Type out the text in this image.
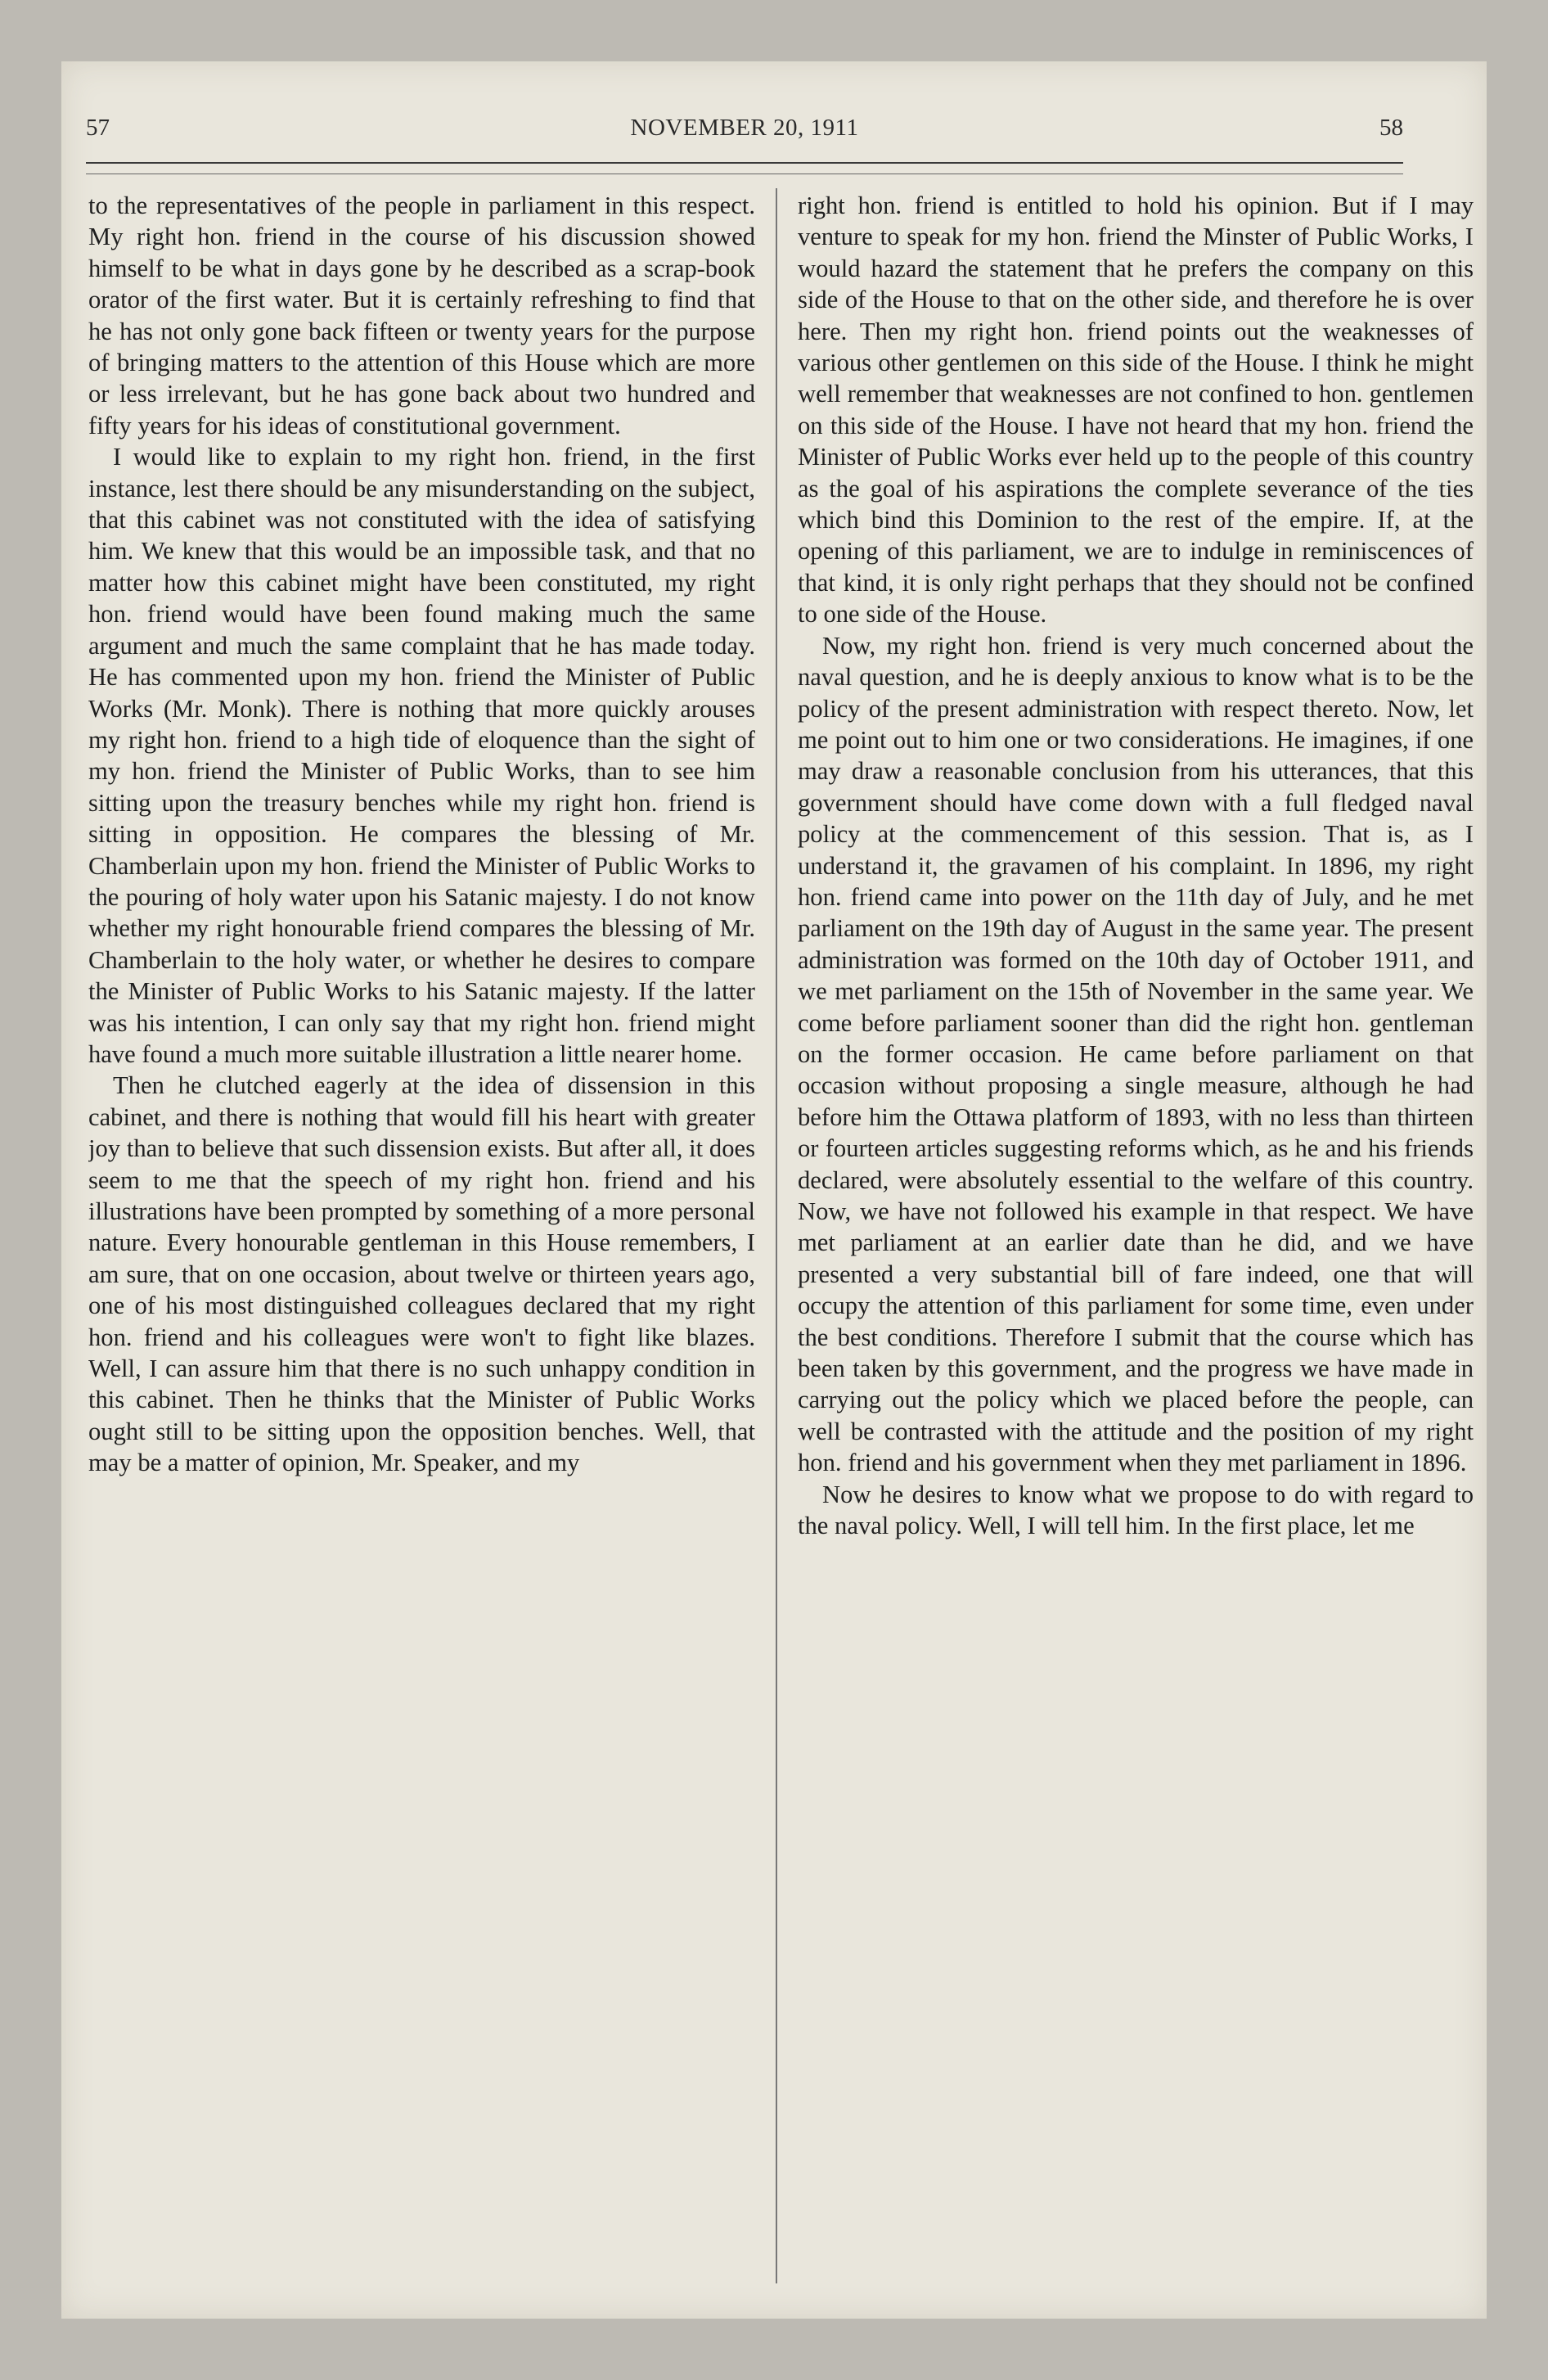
57	NOVEMBER 20, 1911	58

to the representatives of the people in parliament in this respect. My right hon. friend in the course of his discussion showed himself to be what in days gone by he described as a scrap-book orator of the first water. But it is certainly refreshing to find that he has not only gone back fifteen or twenty years for the purpose of bringing matters to the attention of this House which are more or less irrelevant, but he has gone back about two hundred and fifty years for his ideas of constitutional government.

I would like to explain to my right hon. friend, in the first instance, lest there should be any misunderstanding on the subject, that this cabinet was not constituted with the idea of satisfying him. We knew that this would be an impossible task, and that no matter how this cabinet might have been constituted, my right hon. friend would have been found making much the same argument and much the same complaint that he has made today. He has commented upon my hon. friend the Minister of Public Works (Mr. Monk). There is nothing that more quickly arouses my right hon. friend to a high tide of eloquence than the sight of my hon. friend the Minister of Public Works, than to see him sitting upon the treasury benches while my right hon. friend is sitting in opposition. He compares the blessing of Mr. Chamberlain upon my hon. friend the Minister of Public Works to the pouring of holy water upon his Satanic majesty. I do not know whether my right honourable friend compares the blessing of Mr. Chamberlain to the holy water, or whether he desires to compare the Minister of Public Works to his Satanic majesty. If the latter was his intention, I can only say that my right hon. friend might have found a much more suitable illustration a little nearer home.

Then he clutched eagerly at the idea of dissension in this cabinet, and there is nothing that would fill his heart with greater joy than to believe that such dissension exists. But after all, it does seem to me that the speech of my right hon. friend and his illustrations have been prompted by something of a more personal nature. Every honourable gentleman in this House remembers, I am sure, that on one occasion, about twelve or thirteen years ago, one of his most distinguished colleagues declared that my right hon. friend and his colleagues were won't to fight like blazes. Well, I can assure him that there is no such unhappy condition in this cabinet. Then he thinks that the Minister of Public Works ought still to be sitting upon the opposition benches. Well, that may be a matter of opinion, Mr. Speaker, and my

right hon. friend is entitled to hold his opinion. But if I may venture to speak for my hon. friend the Minster of Public Works, I would hazard the statement that he prefers the company on this side of the House to that on the other side, and therefore he is over here. Then my right hon. friend points out the weaknesses of various other gentlemen on this side of the House. I think he might well remember that weaknesses are not confined to hon. gentlemen on this side of the House. I have not heard that my hon. friend the Minister of Public Works ever held up to the people of this country as the goal of his aspirations the complete severance of the ties which bind this Dominion to the rest of the empire. If, at the opening of this parliament, we are to indulge in reminiscences of that kind, it is only right perhaps that they should not be confined to one side of the House.

Now, my right hon. friend is very much concerned about the naval question, and he is deeply anxious to know what is to be the policy of the present administration with respect thereto. Now, let me point out to him one or two considerations. He imagines, if one may draw a reasonable conclusion from his utterances, that this government should have come down with a full fledged naval policy at the commencement of this session. That is, as I understand it, the gravamen of his complaint. In 1896, my right hon. friend came into power on the 11th day of July, and he met parliament on the 19th day of August in the same year. The present administration was formed on the 10th day of October 1911, and we met parliament on the 15th of November in the same year. We come before parliament sooner than did the right hon. gentleman on the former occasion. He came before parliament on that occasion without proposing a single measure, although he had before him the Ottawa platform of 1893, with no less than thirteen or fourteen articles suggesting reforms which, as he and his friends declared, were absolutely essential to the welfare of this country. Now, we have not followed his example in that respect. We have met parliament at an earlier date than he did, and we have presented a very substantial bill of fare indeed, one that will occupy the attention of this parliament for some time, even under the best conditions. Therefore I submit that the course which has been taken by this government, and the progress we have made in carrying out the policy which we placed before the people, can well be contrasted with the attitude and the position of my right hon. friend and his government when they met parliament in 1896.

Now he desires to know what we propose to do with regard to the naval policy. Well, I will tell him. In the first place, let me
